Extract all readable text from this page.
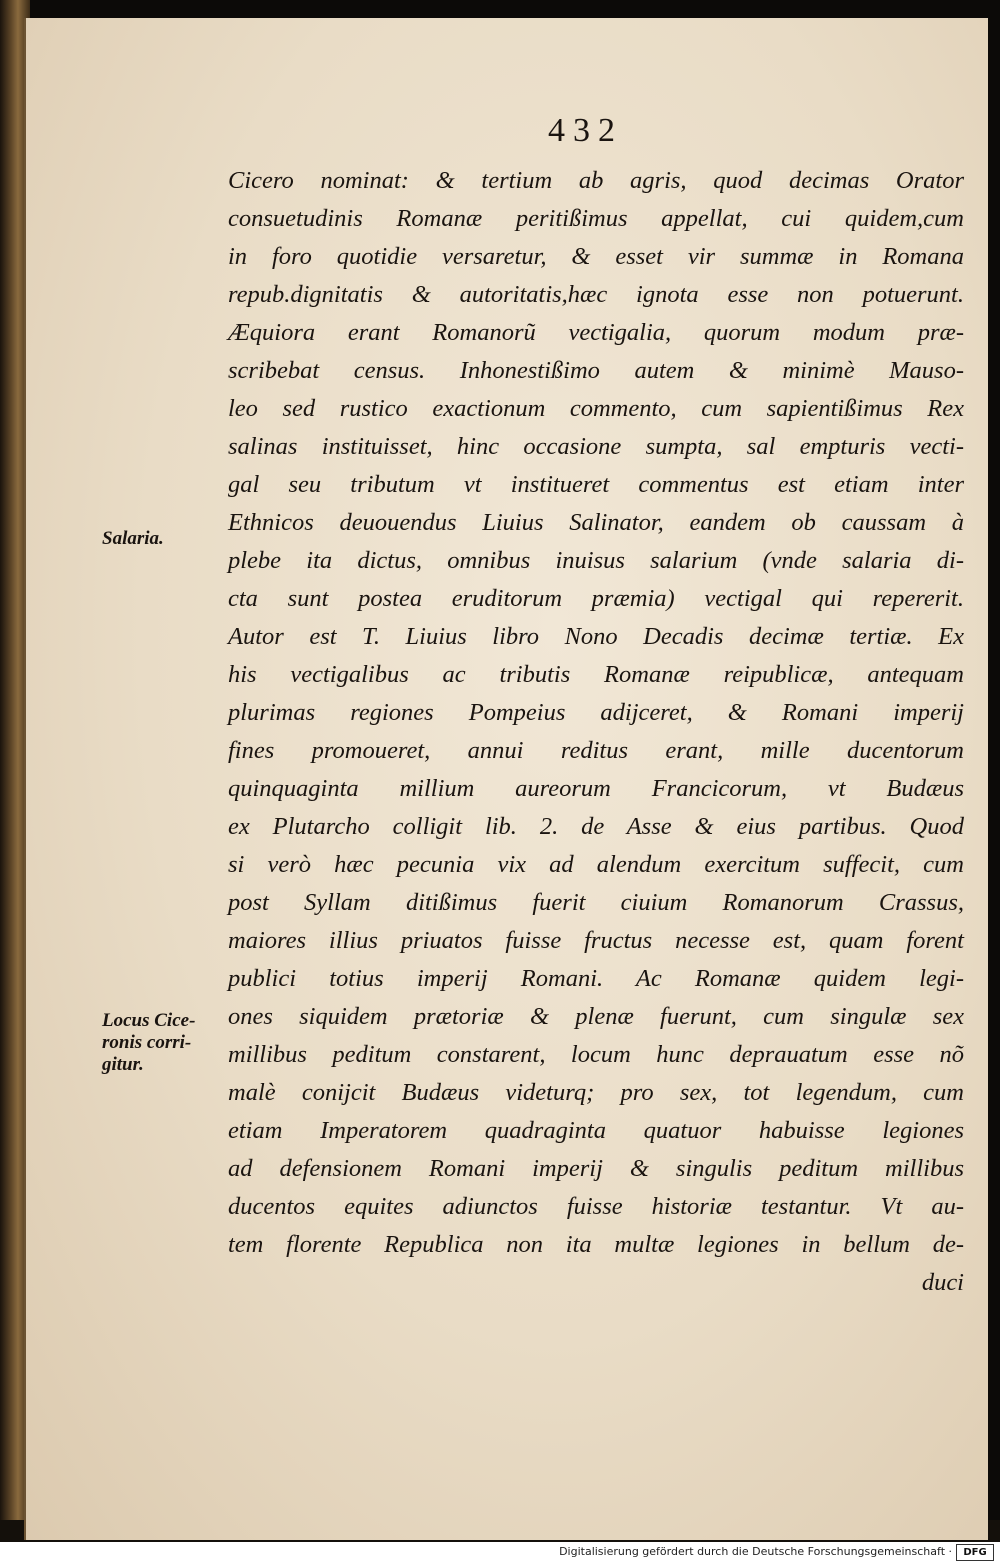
432
Salaria.
Locus Cice- ronis corri- gitur.
Cicero nominat: & tertium ab agris, quod decimas Orator
consuetudinis Romanæ peritißimus appellat, cui quidem,cum
in foro quotidie versaretur, & esset vir summæ in Romana
repub.dignitatis & autoritatis,hæc ignota esse non potuerunt.
Æquiora erant Romanorũ vectigalia, quorum modum præ-
scribebat census. Inhonestißimo autem & minimè Mauso-
leo sed rustico exactionum commento, cum sapientißimus Rex
salinas instituisset, hinc occasione sumpta, sal empturis vecti-
gal seu tributum vt institueret commentus est etiam inter
Ethnicos deuouendus Liuius Salinator, eandem ob caussam à
plebe ita dictus, omnibus inuisus salarium (vnde salaria di-
cta sunt postea eruditorum præmia) vectigal qui repererit.
Autor est T. Liuius libro Nono Decadis decimæ tertiæ. Ex
his vectigalibus ac tributis Romanæ reipublicæ, antequam
plurimas regiones Pompeius adijceret, & Romani imperij
fines promoueret, annui reditus erant, mille ducentorum
quinquaginta millium aureorum Francicorum, vt Budæus
ex Plutarcho colligit lib. 2. de Asse & eius partibus. Quod
si verò hæc pecunia vix ad alendum exercitum suffecit, cum
post Syllam ditißimus fuerit ciuium Romanorum Crassus,
maiores illius priuatos fuisse fructus necesse est, quam forent
publici totius imperij Romani. Ac Romanæ quidem legi-
ones siquidem prætoriæ & plenæ fuerunt, cum singulæ sex
millibus peditum constarent, locum hunc deprauatum esse nõ
malè conijcit Budæus videturq; pro sex, tot legendum, cum
etiam Imperatorem quadraginta quatuor habuisse legiones
ad defensionem Romani imperij & singulis peditum millibus
ducentos equites adiunctos fuisse historiæ testantur. Vt au-
tem florente Republica non ita multæ legiones in bellum de-
duci
Digitalisierung gefördert durch die Deutsche Forschungsgemeinschaft ·	DFG
